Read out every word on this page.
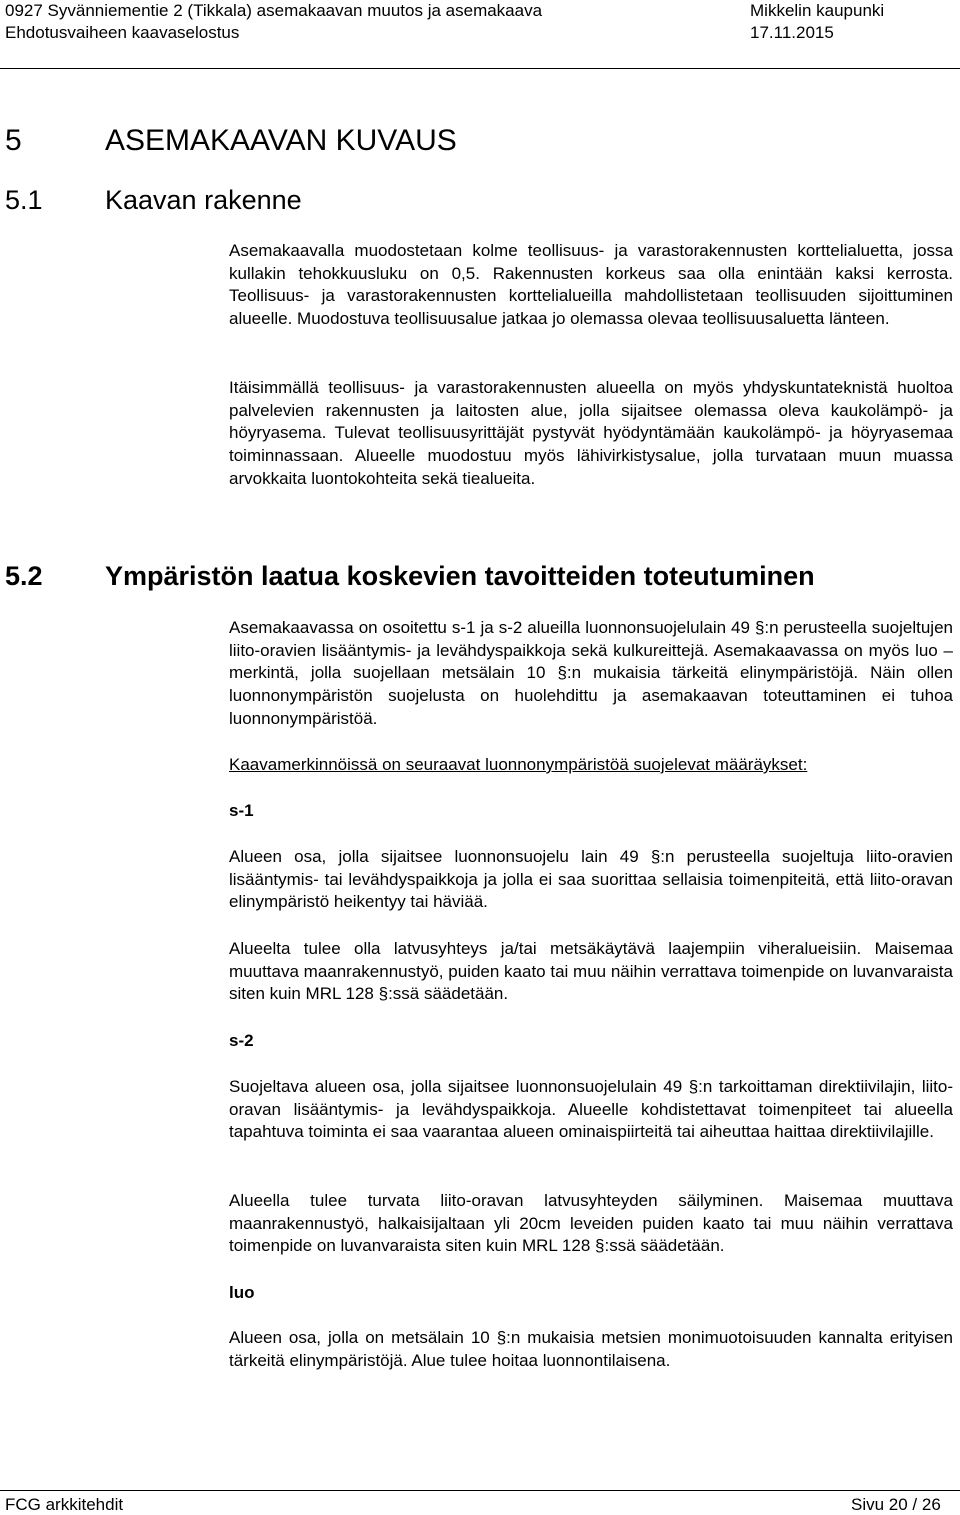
0927 Syvänniementie 2 (Tikkala) asemakaavan muutos ja asemakaava
Ehdotusvaiheen kaavaselostus
Mikkelin kaupunki
17.11.2015
5	ASEMAKAAVAN KUVAUS
5.1 Kaavan rakenne
Asemakaavalla muodostetaan kolme teollisuus- ja varastorakennusten korttelialuetta, jossa kullakin tehokkuusluku on 0,5. Rakennusten korkeus saa olla enintään kaksi kerrosta. Teollisuus- ja varastorakennusten korttelialueilla mahdollistetaan teollisuuden sijoittuminen alueelle. Muodostuva teollisuusalue jatkaa jo olemassa olevaa teollisuusaluetta länteen.
Itäisimmällä teollisuus- ja varastorakennusten alueella on myös yhdyskuntateknistä huoltoa palvelevien rakennusten ja laitosten alue, jolla sijaitsee olemassa oleva kaukolämpö- ja höyryasema. Tulevat teollisuusyrittäjät pystyvät hyödyntämään kaukolämpö- ja höyryasemaa toiminnassaan. Alueelle muodostuu myös lähivirkistysalue, jolla turvataan muun muassa arvokkaita luontokohteita sekä tiealueita.
5.2 Ympäristön laatua koskevien tavoitteiden toteutuminen
Asemakaavassa on osoitettu s-1 ja s-2 alueilla luonnonsuojelulain 49 §:n perusteella suojeltujen liito-oravien lisääntymis- ja levähdyspaikkoja sekä kulkureittejä. Asemakaavassa on myös luo –merkintä, jolla suojellaan metsälain 10 §:n mukaisia tärkeitä elinympäristöjä. Näin ollen luonnonympäristön suojelusta on huolehdittu ja asemakaavan toteuttaminen ei tuhoa luonnonympäristöä.
Kaavamerkinnöissä on seuraavat luonnonympäristöä suojelevat määräykset:
s-1
Alueen osa, jolla sijaitsee luonnonsuojelu lain 49 §:n perusteella suojeltuja liito-oravien lisääntymis- tai levähdyspaikkoja ja jolla ei saa suorittaa sellaisia toimenpiteitä, että liito-oravan elinympäristö heikentyy tai häviää.
Alueelta tulee olla latvusyhteys ja/tai metsäkäytävä laajempiin viheralueisiin. Maisemaa muuttava maanrakennustyö, puiden kaato tai muu näihin verrattava toimenpide on luvanvaraista siten kuin MRL 128 §:ssä säädetään.
s-2
Suojeltava alueen osa, jolla sijaitsee luonnonsuojelulain 49 §:n tarkoittaman direktiivilajin, liito-oravan lisääntymis- ja levähdyspaikkoja. Alueelle kohdistettavat toimenpiteet tai alueella tapahtuva toiminta ei saa vaarantaa alueen ominaispiirteitä tai aiheuttaa haittaa direktiivilajille.
Alueella tulee turvata liito-oravan latvusyhteyden säilyminen. Maisemaa muuttava maanrakennustyö, halkaisijaltaan yli 20cm leveiden puiden kaato tai muu näihin verrattava toimenpide on luvanvaraista siten kuin MRL 128 §:ssä säädetään.
luo
Alueen osa, jolla on metsälain 10 §:n mukaisia metsien monimuotoisuuden kannalta erityisen tärkeitä elinympäristöjä. Alue tulee hoitaa luonnontilaisena.
FCG arkkitehdit	Sivu 20 / 26
